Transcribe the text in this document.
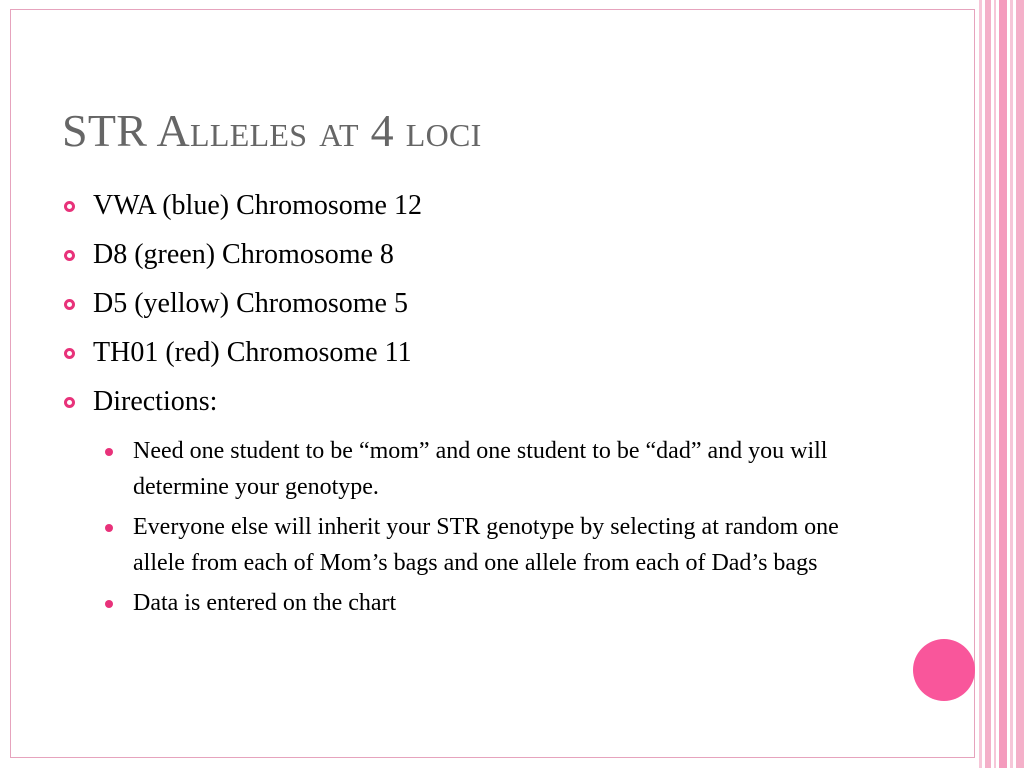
STR Alleles at 4 loci
VWA (blue) Chromosome 12
D8 (green) Chromosome 8
D5 (yellow) Chromosome 5
TH01 (red) Chromosome 11
Directions:
Need one student to be “mom” and one student to be “dad” and you will determine your genotype.
Everyone else will inherit your STR genotype by selecting at random one allele from each of Mom’s bags and one allele from each of Dad’s bags
Data is entered on the chart
